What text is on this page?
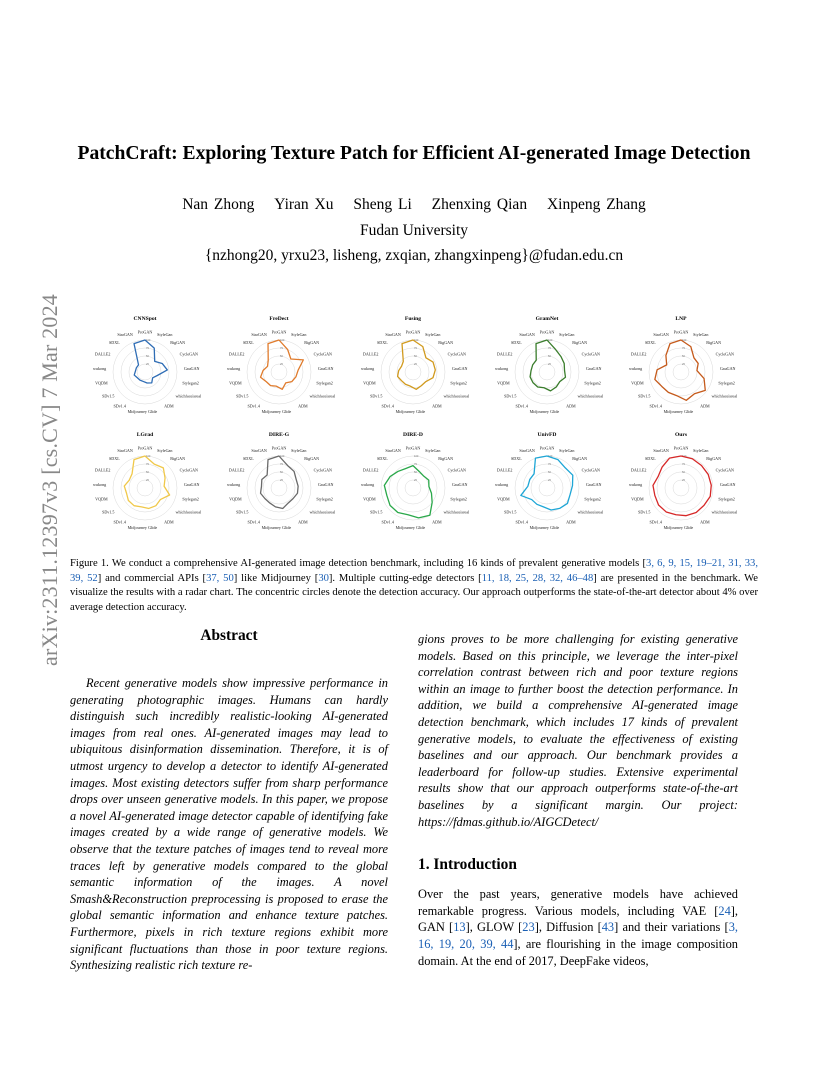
arXiv:2311.12397v3 [cs.CV] 7 Mar 2024
PatchCraft: Exploring Texture Patch for Efficient AI-generated Image Detection
Nan Zhong Yiran Xu Sheng Li Zhenxing Qian Xinpeng Zhang
Fudan University
{nzhong20, yrxu23, lisheng, zxqian, zhangxinpeng}@fudan.edu.cn
CNNSpot
25
50
75
100
ProGAN
StyleGan
BigGAN
CycleGAN
GauGAN
Stylegan2
whichfaceisreal
ADM
Glide
Midjourney
SDv1.4
SDv1.5
VQDM
wukong
DALLE2
SDXL
StarGAN
FreDect
25
50
75
100
ProGAN
StyleGan
BigGAN
CycleGAN
GauGAN
Stylegan2
whichfaceisreal
ADM
Glide
Midjourney
SDv1.4
SDv1.5
VQDM
wukong
DALLE2
SDXL
StarGAN
Fusing
25
50
75
100
ProGAN
StyleGan
BigGAN
CycleGAN
GauGAN
Stylegan2
whichfaceisreal
ADM
Glide
Midjourney
SDv1.4
SDv1.5
VQDM
wukong
DALLE2
SDXL
StarGAN
GramNet
25
50
75
100
ProGAN
StyleGan
BigGAN
CycleGAN
GauGAN
Stylegan2
whichfaceisreal
ADM
Glide
Midjourney
SDv1.4
SDv1.5
VQDM
wukong
DALLE2
SDXL
StarGAN
LNP
25
50
75
100
ProGAN
StyleGan
BigGAN
CycleGAN
GauGAN
Stylegan2
whichfaceisreal
ADM
Glide
Midjourney
SDv1.4
SDv1.5
VQDM
wukong
DALLE2
SDXL
StarGAN
LGrad
25
50
75
100
ProGAN
StyleGan
BigGAN
CycleGAN
GauGAN
Stylegan2
whichfaceisreal
ADM
Glide
Midjourney
SDv1.4
SDv1.5
VQDM
wukong
DALLE2
SDXL
StarGAN
DIRE-G
25
50
75
100
ProGAN
StyleGan
BigGAN
CycleGAN
GauGAN
Stylegan2
whichfaceisreal
ADM
Glide
Midjourney
SDv1.4
SDv1.5
VQDM
wukong
DALLE2
SDXL
StarGAN
DIRE-D
25
50
75
100
ProGAN
StyleGan
BigGAN
CycleGAN
GauGAN
Stylegan2
whichfaceisreal
ADM
Glide
Midjourney
SDv1.4
SDv1.5
VQDM
wukong
DALLE2
SDXL
StarGAN
UnivFD
25
50
75
100
ProGAN
StyleGan
BigGAN
CycleGAN
GauGAN
Stylegan2
whichfaceisreal
ADM
Glide
Midjourney
SDv1.4
SDv1.5
VQDM
wukong
DALLE2
SDXL
StarGAN
Ours
25
50
75
100
ProGAN
StyleGan
BigGAN
CycleGAN
GauGAN
Stylegan2
whichfaceisreal
ADM
Glide
Midjourney
SDv1.4
SDv1.5
VQDM
wukong
DALLE2
SDXL
StarGAN
Figure 1. We conduct a comprehensive AI-generated image detection benchmark, including 16 kinds of prevalent generative models [3, 6, 9, 15, 19–21, 31, 33, 39, 52] and commercial APIs [37, 50] like Midjourney [30]. Multiple cutting-edge detectors [11, 18, 25, 28, 32, 46–48] are presented in the benchmark. We visualize the results with a radar chart. The concentric circles denote the detection accuracy. Our approach outperforms the state-of-the-art detector about 4% over average detection accuracy.
Abstract

Recent generative models show impressive performance in generating photographic images. Humans can hardly distinguish such incredibly realistic-looking AI-generated images from real ones. AI-generated images may lead to ubiquitous disinformation dissemination. Therefore, it is of utmost urgency to develop a detector to identify AI-generated images. Most existing detectors suffer from sharp performance drops over unseen generative models. In this paper, we propose a novel AI-generated image detector capable of identifying fake images created by a wide range of generative models. We observe that the texture patches of images tend to reveal more traces left by generative models compared to the global semantic information of the images. A novel Smash&Reconstruction preprocessing is proposed to erase the global semantic information and enhance texture patches. Furthermore, pixels in rich texture regions exhibit more significant fluctuations than those in poor texture regions. Synthesizing realistic rich texture re-

gions proves to be more challenging for existing generative models. Based on this principle, we leverage the inter-pixel correlation contrast between rich and poor texture regions within an image to further boost the detection performance. In addition, we build a comprehensive AI-generated image detection benchmark, which includes 17 kinds of prevalent generative models, to evaluate the effectiveness of existing baselines and our approach. Our benchmark provides a leaderboard for follow-up studies. Extensive experimental results show that our approach outperforms state-of-the-art baselines by a significant margin. Our project: https://fdmas.github.io/AIGCDetect/

1. Introduction

Over the past years, generative models have achieved remarkable progress. Various models, including VAE [24], GAN [13], GLOW [23], Diffusion [43] and their variations [3, 16, 19, 20, 39, 44], are flourishing in the image composition domain. At the end of 2017, DeepFake videos,
